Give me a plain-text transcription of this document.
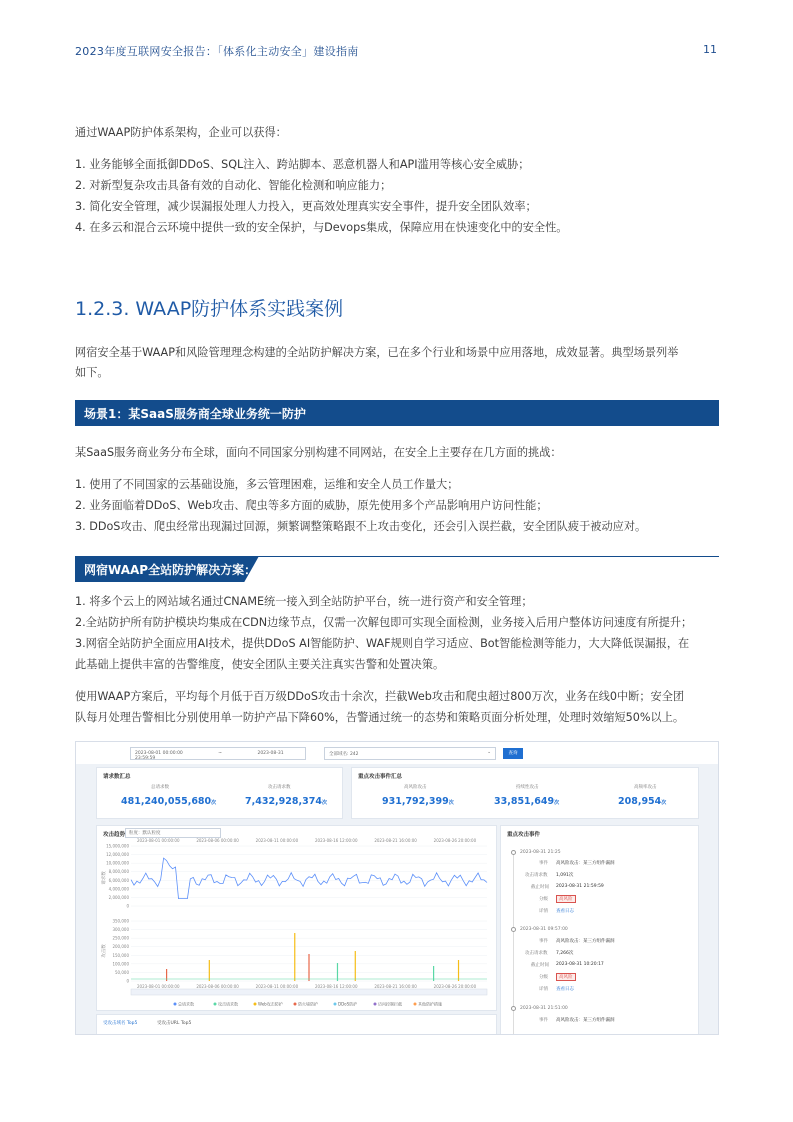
2023年度互联网安全报告：「体系化主动安全」建设指南	11
通过WAAP防护体系架构，企业可以获得：
1. 业务能够全面抵御DDoS、SQL注入、跨站脚本、恶意机器人和API滥用等核心安全威胁；
2. 对新型复杂攻击具备有效的自动化、智能化检测和响应能力；
3. 简化安全管理，减少误漏报处理人力投入，更高效处理真实安全事件，提升安全团队效率；
4. 在多云和混合云环境中提供一致的安全保护，与Devops集成，保障应用在快速变化中的安全性。
1.2.3. WAAP防护体系实践案例
网宿安全基于WAAP和风险管理理念构建的全站防护解决方案，已在多个行业和场景中应用落地，成效显著。典型场景列举
如下。
场景1：某SaaS服务商全球业务统一防护
某SaaS服务商业务分布全球，面向不同国家分别构建不同网站，在安全上主要存在几方面的挑战：
1. 使用了不同国家的云基础设施，多云管理困难，运维和安全人员工作量大；
2. 业务面临着DDoS、Web攻击、爬虫等多方面的威胁，原先使用多个产品影响用户访问性能；
3. DDoS攻击、爬虫经常出现漏过回源，频繁调整策略跟不上攻击变化，还会引入误拦截，安全团队疲于被动应对。
网宿WAAP全站防护解决方案：
1. 将多个云上的网站域名通过CNAME统一接入到全站防护平台，统一进行资产和安全管理；
2.全站防护所有防护模块均集成在CDN边缘节点，仅需一次解包即可实现全面检测，业务接入后用户整体访问速度有所提升；
3.网宿全站防护全面应用AI技术，提供DDoS AI智能防护、WAF规则自学习适应、Bot智能检测等能力，大大降低误漏报，在
此基础上提供丰富的告警维度，使安全团队主要关注真实告警和处置决策。
使用WAAP方案后，平均每个月低于百万级DDoS攻击十余次，拦截Web攻击和爬虫超过800万次，业务在线0中断；安全团
队每月处理告警相比分别使用单一防护产品下降60%，告警通过统一的态势和策略页面分析处理，处理时效缩短50%以上。
2023-08-01 00:00:00	~	2023-08-31 23:59:59
全部域名: 242	⌄	查询
请求数汇总
总请求数
481,240,055,680次
攻击请求数
7,432,928,374次
重点攻击事件汇总
高风险攻击
931,792,399次
持续性攻击
33,851,649次
高频率攻击
208,954次
攻击趋势 粒度：默认粒度
15,000,000
12,000,000
10,000,000
8,000,000
6,000,000
4,000,000
2,000,000
0
350,000
300,000
250,000
200,000
150,000
100,000
50,000
0
请求数
攻击数
2023-08-01 00:00:00
2023-08-01 00:00:00
2023-08-06 00:00:00
2023-08-06 00:00:00
2023-08-11 00:00:00
2023-08-11 00:00:00
2023-08-16 12:00:00
2023-08-16 12:00:00
2023-08-21 16:00:00
2023-08-21 16:00:00
2023-08-26 20:00:00
2023-08-26 20:00:00
总请求数	攻击请求数	Web攻击防护	防火墙防护	DDoS防护	访问控制拦截	其他防护措施
受攻击域名 Top5	受攻击URL Top5
重点攻击事件
2023-08-31 21:25
事件 高风险攻击：某三方组件漏洞
攻击请求数 1,091次
截止时间 2023-08-31 21:59:59
分级	高风险
详情 查看日志
2023-08-31 09:57:00
事件 高风险攻击：某三方组件漏洞
攻击请求数 7,266次
截止时间 2023-08-31 10:20:17
分级	高风险
详情 查看日志
2023-08-31 21:51:00
事件 高风险攻击：某三方组件漏洞
